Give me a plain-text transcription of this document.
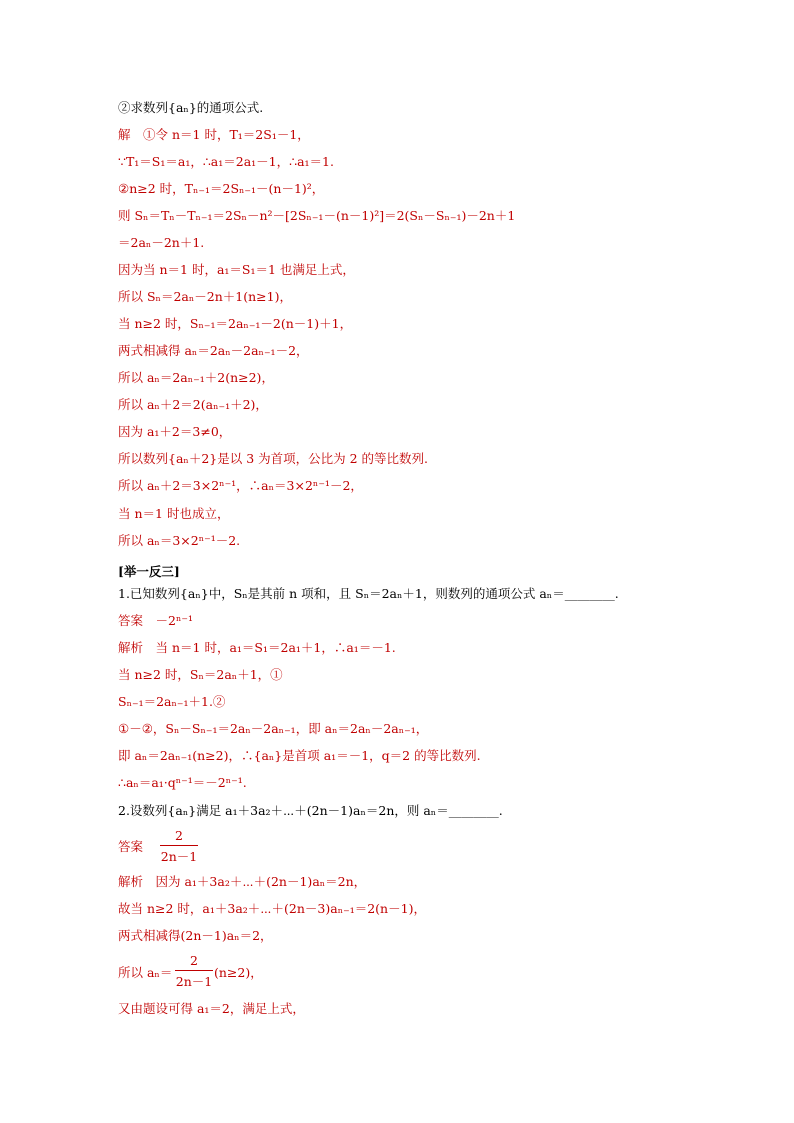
②求数列{aₙ}的通项公式.
解　①令 n＝1 时，T₁＝2S₁－1，
∵T₁＝S₁＝a₁，∴a₁＝2a₁－1，∴a₁＝1.
②n≥2 时，Tₙ₋₁＝2Sₙ₋₁－(n－1)²，
则 Sₙ＝Tₙ－Tₙ₋₁＝2Sₙ－n²－[2Sₙ₋₁－(n－1)²]＝2(Sₙ－Sₙ₋₁)－2n＋1
＝2aₙ－2n＋1.
因为当 n＝1 时，a₁＝S₁＝1 也满足上式，
所以 Sₙ＝2aₙ－2n＋1(n≥1)，
当 n≥2 时，Sₙ₋₁＝2aₙ₋₁－2(n－1)＋1，
两式相减得 aₙ＝2aₙ－2aₙ₋₁－2，
所以 aₙ＝2aₙ₋₁＋2(n≥2)，
所以 aₙ＋2＝2(aₙ₋₁＋2)，
因为 a₁＋2＝3≠0，
所以数列{aₙ＋2}是以 3 为首项，公比为 2 的等比数列.
所以 aₙ＋2＝3×2ⁿ⁻¹，∴aₙ＝3×2ⁿ⁻¹－2，
当 n＝1 时也成立，
所以 aₙ＝3×2ⁿ⁻¹－2.
[举一反三]
1.已知数列{aₙ}中，Sₙ是其前 n 项和，且 Sₙ＝2aₙ＋1，则数列的通项公式 aₙ＝________.
答案　－2ⁿ⁻¹
解析　当 n＝1 时，a₁＝S₁＝2a₁＋1，∴a₁＝－1.
当 n≥2 时，Sₙ＝2aₙ＋1，①
Sₙ₋₁＝2aₙ₋₁＋1.②
①－②，Sₙ－Sₙ₋₁＝2aₙ－2aₙ₋₁，即 aₙ＝2aₙ－2aₙ₋₁，
即 aₙ＝2aₙ₋₁(n≥2)，∴{aₙ}是首项 a₁＝－1，q＝2 的等比数列.
∴aₙ＝a₁·qⁿ⁻¹＝－2ⁿ⁻¹.
2.设数列{aₙ}满足 a₁＋3a₂＋⋯＋(2n－1)aₙ＝2n，则 aₙ＝________.
答案
2
2n－1
解析　因为 a₁＋3a₂＋⋯＋(2n－1)aₙ＝2n，
故当 n≥2 时，a₁＋3a₂＋⋯＋(2n－3)aₙ₋₁＝2(n－1)，
两式相减得(2n－1)aₙ＝2，
所以 aₙ＝
2
2n－1
(n≥2)，
又由题设可得 a₁＝2，满足上式，
